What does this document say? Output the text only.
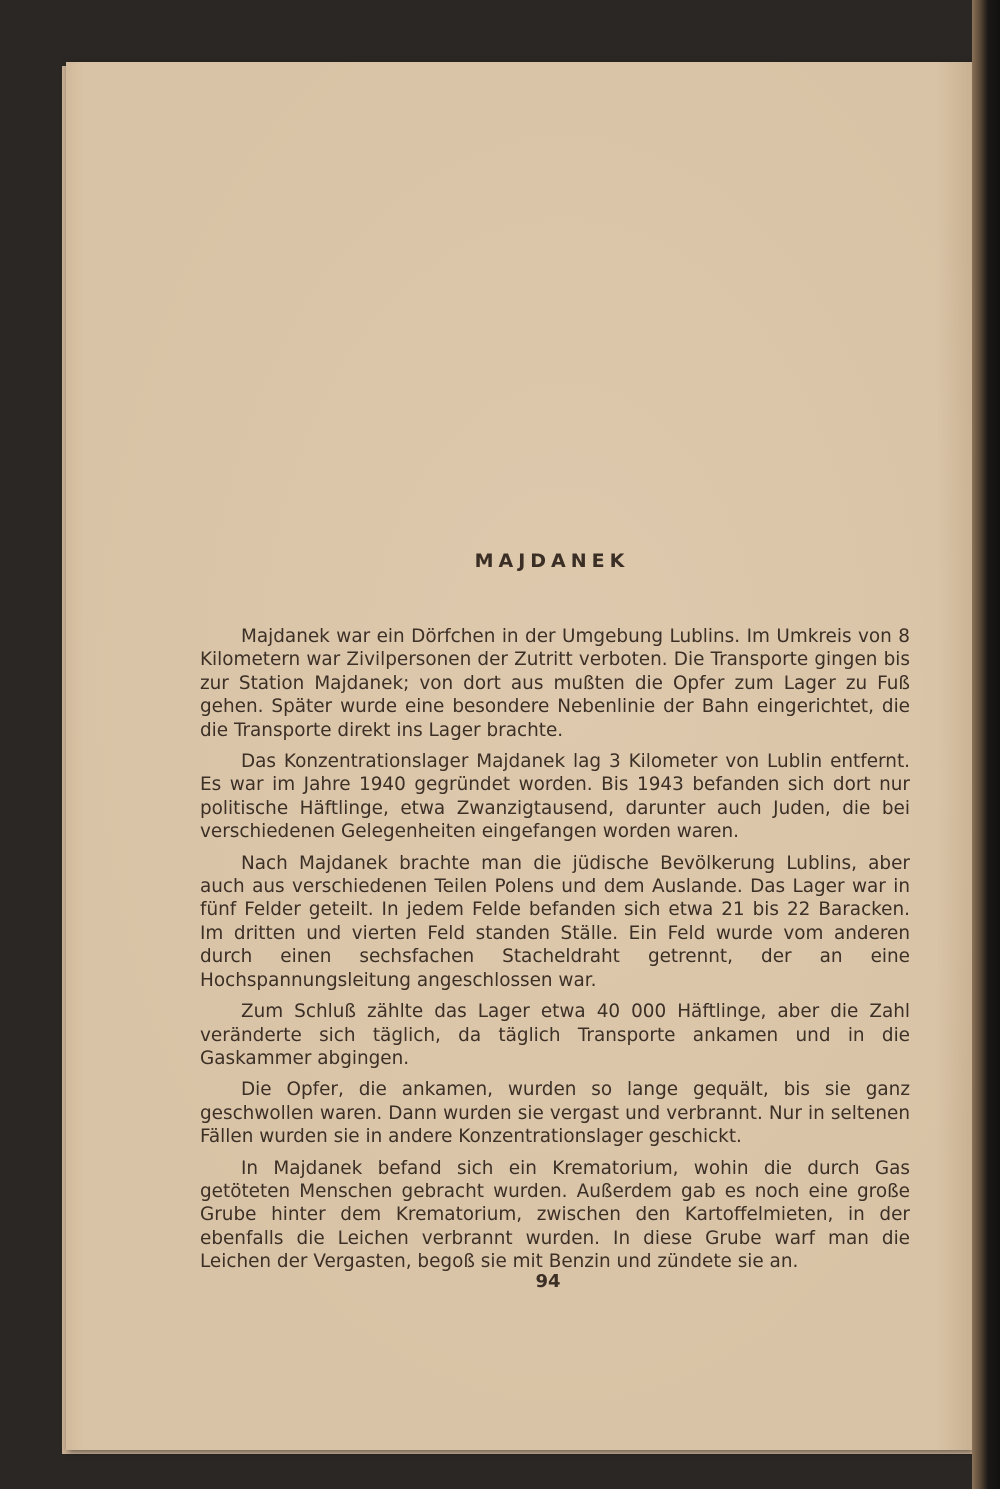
MAJDANEK

Majdanek war ein Dörfchen in der Umgebung Lublins. Im Umkreis von 8 Kilometern war Zivilpersonen der Zutritt verboten. Die Transporte gingen bis zur Station Majdanek; von dort aus mußten die Opfer zum Lager zu Fuß gehen. Später wurde eine besondere Nebenlinie der Bahn eingerichtet, die die Transporte direkt ins Lager brachte.

Das Konzentrationslager Majdanek lag 3 Kilometer von Lublin entfernt. Es war im Jahre 1940 gegründet worden. Bis 1943 befanden sich dort nur politische Häftlinge, etwa Zwanzigtausend, darunter auch Juden, die bei verschiedenen Gelegenheiten eingefangen worden waren.

Nach Majdanek brachte man die jüdische Bevölkerung Lublins, aber auch aus verschiedenen Teilen Polens und dem Auslande. Das Lager war in fünf Felder geteilt. In jedem Felde befanden sich etwa 21 bis 22 Baracken. Im dritten und vierten Feld standen Ställe. Ein Feld wurde vom anderen durch einen sechsfachen Stacheldraht getrennt, der an eine Hochspannungsleitung angeschlossen war.

Zum Schluß zählte das Lager etwa 40 000 Häftlinge, aber die Zahl veränderte sich täglich, da täglich Transporte ankamen und in die Gaskammer abgingen.

Die Opfer, die ankamen, wurden so lange gequält, bis sie ganz geschwollen waren. Dann wurden sie vergast und verbrannt. Nur in seltenen Fällen wurden sie in andere Konzentrationslager geschickt.

In Majdanek befand sich ein Krematorium, wohin die durch Gas getöteten Menschen gebracht wurden. Außerdem gab es noch eine große Grube hinter dem Krematorium, zwischen den Kartoffelmieten, in der ebenfalls die Leichen verbrannt wurden. In diese Grube warf man die Leichen der Vergasten, begoß sie mit Benzin und zündete sie an.

94
